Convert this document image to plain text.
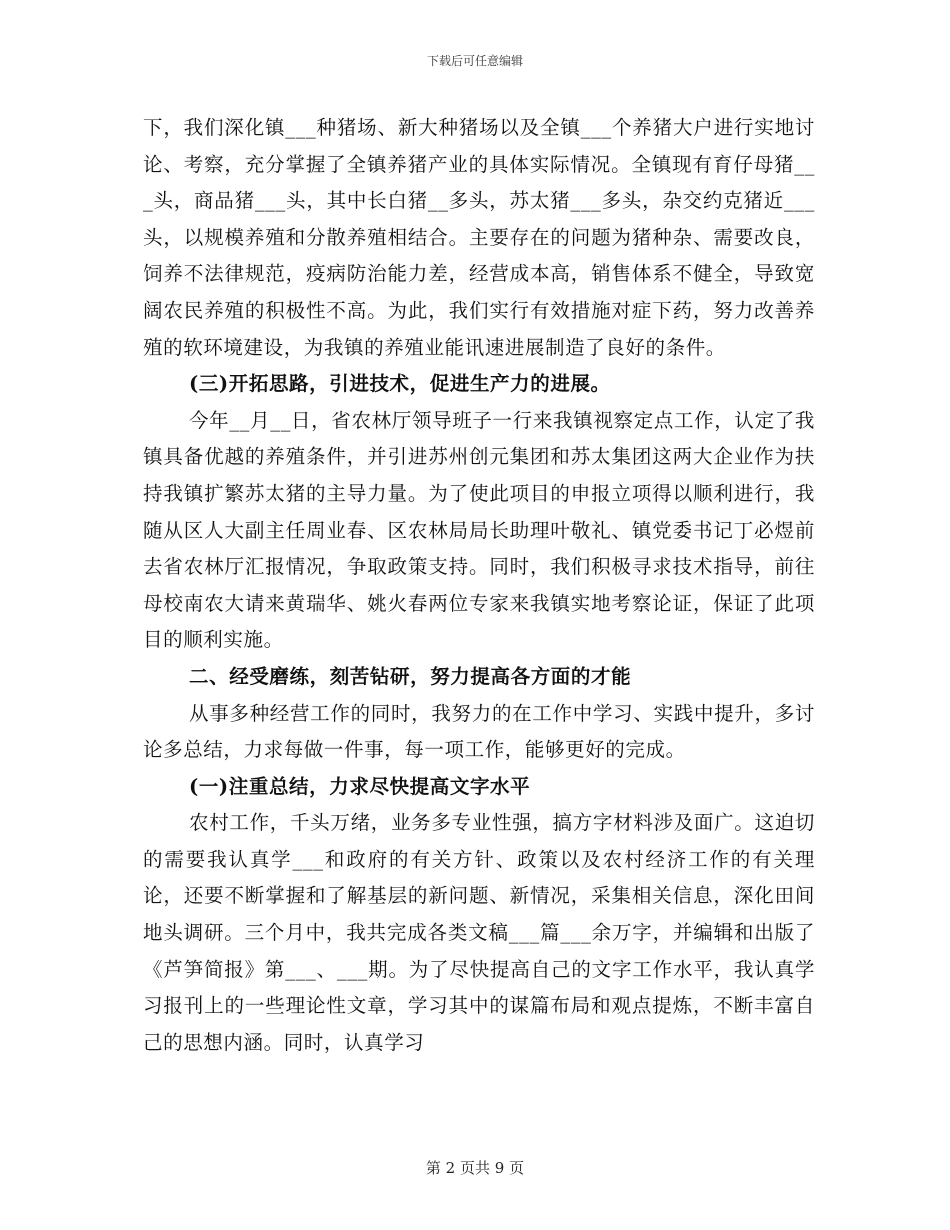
下载后可任意编辑

下，我们深化镇___种猪场、新大种猪场以及全镇___个养猪大户进行实地讨论、考察，充分掌握了全镇养猪产业的具体实际情况。全镇现有育仔母猪___头，商品猪___头，其中长白猪__多头，苏太猪___多头，杂交约克猪近___头，以规模养殖和分散养殖相结合。主要存在的问题为猪种杂、需要改良，饲养不法律规范，疫病防治能力差，经营成本高，销售体系不健全，导致宽阔农民养殖的积极性不高。为此，我们实行有效措施对症下药，努力改善养殖的软环境建设，为我镇的养殖业能讯速进展制造了良好的条件。

(三)开拓思路，引进技术，促进生产力的进展。

今年__月__日，省农林厅领导班子一行来我镇视察定点工作，认定了我镇具备优越的养殖条件，并引进苏州创元集团和苏太集团这两大企业作为扶持我镇扩繁苏太猪的主导力量。为了使此项目的申报立项得以顺利进行，我随从区人大副主任周业春、区农林局局长助理叶敬礼、镇党委书记丁必煜前去省农林厅汇报情况，争取政策支持。同时，我们积极寻求技术指导，前往母校南农大请来黄瑞华、姚火春两位专家来我镇实地考察论证，保证了此项目的顺利实施。

二、经受磨练，刻苦钻研，努力提高各方面的才能

从事多种经营工作的同时，我努力的在工作中学习、实践中提升，多讨论多总结，力求每做一件事，每一项工作，能够更好的完成。

(一)注重总结，力求尽快提高文字水平

农村工作，千头万绪，业务多专业性强，搞方字材料涉及面广。这迫切的需要我认真学___和政府的有关方针、政策以及农村经济工作的有关理论，还要不断掌握和了解基层的新问题、新情况，采集相关信息，深化田间地头调研。三个月中，我共完成各类文稿___篇___余万字，并编辑和出版了《芦笋简报》第___、___期。为了尽快提高自己的文字工作水平，我认真学习报刊上的一些理论性文章，学习其中的谋篇布局和观点提炼，不断丰富自己的思想内涵。同时，认真学习

第 2 页共 9 页
